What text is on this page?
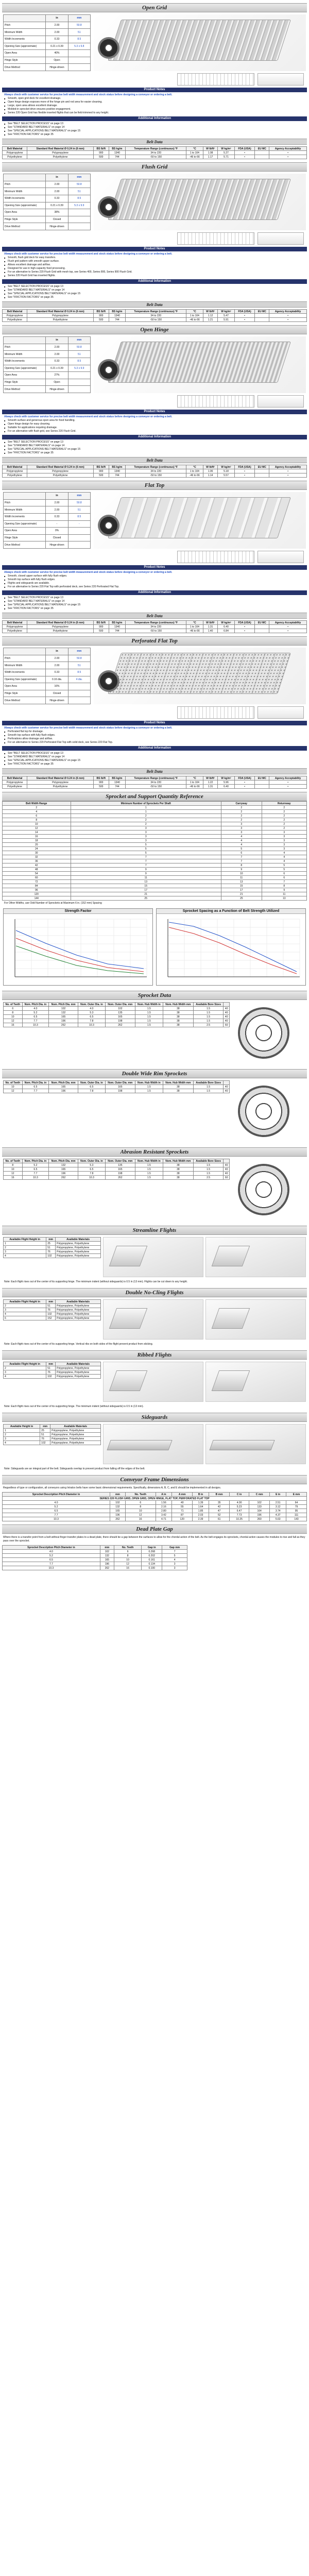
Open Grid
	in	mm
Pitch	2.00	50.8
Minimum Width	2.00	51
Width Increments	0.33	8.5
Opening Size (approximate)	0.21 x 0.39	5.3 x 9.8
Open Area	40%	
Hinge Style	Open	
Drive Method	Hinge-driven	
Product Notes

Always check with customer service for precise belt width measurement and stock status before designing a conveyor or ordering a belt.

■ Smooth, open grid deck for excellent drainage.
■ Open hinge design exposes more of the hinge pin and rod area for easier cleaning.
■ Large, open area allows excellent drainage.
■ Molded-in sprocket drive ensures positive engagement.
■ Series 220 Open Grid has flexible inserted flights that can be field-trimmed to any height.
Additional Information
■ See "BELT SELECTION PROCESS" on page 13
■ See "STANDARD BELT MATERIALS" on page 14
■ See "SPECIAL APPLICATIONS BELT MATERIALS" on page 15
■ See "FRICTION FACTORS" on page 35
Belt Data
Belt Material	Standard Rod Material Ø 0.24 in (6 mm)	BS lb/ft	BS kg/m	Temperature Range (continuous) °F	°C	W lb/ft²	W kg/m²	FDA (USA)	EU MC	Agency Acceptability
Polypropylene	Polypropylene	900	1340	34 to 220	1 to 104	1.08	5.27	•		•
Polyethylene	Polyethylene	500	744	-50 to 150	-46 to 66	1.17	5.71	•		•
Flush Grid
	in	mm
Pitch	2.00	50.8
Minimum Width	2.00	51
Width Increments	0.33	8.5
Opening Size (approximate)	0.21 x 0.39	5.3 x 9.9
Open Area	38%	
Hinge Style	Closed	
Drive Method	Hinge-driven	
Product Notes

Always check with customer service for precise belt width measurement and stock status before designing a conveyor or ordering a belt.

■ Smooth, flush grid deck for easy transfers.
■ Flush grid pattern with smooth upper surface.
■ Allows excellent drainage and airflow.
■ Designed for use in high-capacity food processing.
■ For an alternative to Series 220 Flush Grid with mesh top, see Series 400, Series 800, Series 900 Flush Grid.
■ Series 220 Flush Grid has inserted flights.
Additional Information
■ See "BELT SELECTION PROCESS" on page 13
■ See "STANDARD BELT MATERIALS" on page 14
■ See "SPECIAL APPLICATIONS BELT MATERIALS" on page 15
■ See "FRICTION FACTORS" on page 35
Belt Data
Belt Material	Standard Rod Material Ø 0.24 in (6 mm)	BS lb/ft	BS kg/m	Temperature Range (continuous) °F	°C	W lb/ft²	W kg/m²	FDA (USA)	EU MC	Agency Acceptability
Polypropylene	Polypropylene	900	1340	34 to 220	1 to 104	1.12	5.47	•		•
Polyethylene	Polyethylene	500	744	-50 to 150	-46 to 66	1.21	5.91	•		•
Open Hinge
	in	mm
Pitch	2.00	50.8
Minimum Width	2.00	51
Width Increments	0.33	8.5
Opening Size (approximate)	0.21 x 0.39	5.3 x 9.9
Open Area	27%	
Hinge Style	Open	
Drive Method	Hinge-driven	
Product Notes

Always check with customer service for precise belt width measurement and stock status before designing a conveyor or ordering a belt.

■ Smooth surface and generous open area for food handling.
■ Open hinge design for easy cleaning.
■ Suitable for applications requiring drainage.
■ For an alternative with flush grid, see Series 220 Flush Grid.
Additional Information
■ See "BELT SELECTION PROCESS" on page 13
■ See "STANDARD BELT MATERIALS" on page 14
■ See "SPECIAL APPLICATIONS BELT MATERIALS" on page 15
■ See "FRICTION FACTORS" on page 35
Belt Data
Belt Material	Standard Rod Material Ø 0.24 in (6 mm)	BS lb/ft	BS kg/m	Temperature Range (continuous) °F	°C	W lb/ft²	W kg/m²	FDA (USA)	EU MC	Agency Acceptability
Polypropylene	Polypropylene	900	1340	34 to 220	1 to 104	1.06	5.18	•		•
Polyethylene	Polyethylene	500	744	-50 to 150	-46 to 66	1.14	5.57	•		•
Flat Top
	in	mm
Pitch	2.00	50.8
Minimum Width	2.00	51
Width Increments	0.33	8.5
Opening Size (approximate)	-	-
Open Area	0%	
Hinge Style	Closed	
Drive Method	Hinge-driven	
Product Notes

Always check with customer service for precise belt width measurement and stock status before designing a conveyor or ordering a belt.

■ Smooth, closed upper surface with fully flush edges.
■ Smooth top surface with fully flush edges.
■ Flights and sideguards are available.
■ For an alternative to Series 220 Flat Top with perforated deck, see Series 220 Perforated Flat Top.
Additional Information
■ See "BELT SELECTION PROCESS" on page 13
■ See "STANDARD BELT MATERIALS" on page 14
■ See "SPECIAL APPLICATIONS BELT MATERIALS" on page 15
■ See "FRICTION FACTORS" on page 35
Belt Data
Belt Material	Standard Rod Material Ø 0.24 in (6 mm)	BS lb/ft	BS kg/m	Temperature Range (continuous) °F	°C	W lb/ft²	W kg/m²	FDA (USA)	EU MC	Agency Acceptability
Polypropylene	Polypropylene	900	1340	34 to 220	1 to 104	1.31	6.40	•		•
Polyethylene	Polyethylene	500	744	-50 to 150	-46 to 66	1.40	6.84	•		•
Perforated Flat Top
	in	mm
Pitch	2.00	50.8
Minimum Width	2.00	51
Width Increments	0.33	8.5
Opening Size (approximate)	0.16 dia.	4 dia.
Open Area	16%	
Hinge Style	Closed	
Drive Method	Hinge-driven	
Product Notes

Always check with customer service for precise belt width measurement and stock status before designing a conveyor or ordering a belt.

■ Perforated flat top for drainage.
■ Smooth top surface with fully flush edges.
■ Perforations allow drainage and airflow.
■ For an alternative to Series 220 Perforated Flat Top with solid deck, see Series 220 Flat Top.
Additional Information
■ See "BELT SELECTION PROCESS" on page 13
■ See "STANDARD BELT MATERIALS" on page 14
■ See "SPECIAL APPLICATIONS BELT MATERIALS" on page 15
■ See "FRICTION FACTORS" on page 35
Belt Data
Belt Material	Standard Rod Material Ø 0.24 in (6 mm)	BS lb/ft	BS kg/m	Temperature Range (continuous) °F	°C	W lb/ft²	W kg/m²	FDA (USA)	EU MC	Agency Acceptability
Polypropylene	Polypropylene	900	1340	34 to 220	1 to 104	1.22	5.96	•		•
Polyethylene	Polyethylene	500	744	-50 to 150	-46 to 66	1.31	6.40	•		•
Sprocket and Support Quantity Reference
Belt Width Range	Minimum Number of Sprockets Per Shaft	Carryway	Returnway
2	1	2	2
4	1	2	2
6	2	2	2
8	2	2	2
10	2	3	2
12	3	3	2
14	3	3	3
16	3	4	3
18	3	4	3
20	5	4	3
24	5	5	3
30	5	6	4
32	7	7	4
36	7	7	4
42	7	8	5
48	9	9	5
54	9	10	6
60	11	11	6
72	13	13	7
84	15	15	8
96	17	17	9
120	21	21	11
144	25	25	13
For Other Widths, use Odd Number of Sprockets at Maximum 6 in. (152 mm) Spacing
Strength Factor	Sprocket Spacing as a Function of Belt Strength Utilized
Sprocket Data
No. of Teeth	Nom. Pitch Dia. in	Nom. Pitch Dia. mm	Nom. Outer Dia. in	Nom. Outer Dia. mm	Nom. Hub Width in	Nom. Hub Width mm	Available Bore Sizes	
6	4.0	102	4.0	102	1.5	38	1.5	40
8	5.2	132	5.3	135	1.5	38	1.5	40
10	6.5	165	6.5	165	1.5	38	1.5	40
12	7.7	196	7.8	198	1.5	38	1.5	40
16	10.3	262	10.3	262	1.5	38	2.5	60
Double Wide Rim Sprockets
No. of Teeth	Nom. Pitch Dia. in	Nom. Pitch Dia. mm	Nom. Outer Dia. in	Nom. Outer Dia. mm	Nom. Hub Width in	Nom. Hub Width mm	Available Bore Sizes	
10	6.5	165	6.5	165	1.5	38	1.5	40
12	7.7	196	7.8	198	1.5	38	1.5	40
Abrasion Resistant Sprockets
No. of Teeth	Nom. Pitch Dia. in	Nom. Pitch Dia. mm	Nom. Outer Dia. in	Nom. Outer Dia. mm	Nom. Hub Width in	Nom. Hub Width mm	Available Bore Sizes	
8	5.2	132	5.3	135	1.5	38	1.5	40
10	6.5	165	6.5	165	1.5	38	1.5	40
12	7.7	196	7.8	198	1.5	38	1.5	40
16	10.3	262	10.3	262	1.5	38	2.5	60
Streamline Flights
Available Flight Height in	mm	Available Materials
1	25	Polypropylene, Polyethylene
2	51	Polypropylene, Polyethylene
3	76	Polypropylene, Polyethylene
4	102	Polypropylene, Polyethylene
Note: Each flight rises out of the center of its supporting hinge. The minimum indent (without sideguards) is 0.5 in (13 mm). Flights can be cut down to any height.
Double No-Cling Flights
Available Flight Height in	mm	Available Materials
2	51	Polypropylene, Polyethylene
3	76	Polypropylene, Polyethylene
4	102	Polypropylene, Polyethylene
6	152	Polypropylene, Polyethylene
Note: Each flight rises out of the center of its supporting hinge. Vertical ribs on both sides of the flight prevent product from sticking.
Ribbed Flights
Available Flight Height in	mm	Available Materials
2	51	Polypropylene, Polyethylene
3	76	Polypropylene, Polyethylene
4	102	Polypropylene, Polyethylene
Note: Each flight rises out of the center of its supporting hinge. The minimum indent (without sideguards) is 0.5 in (13 mm).
Sideguards
Available Height in	mm	Available Materials
1	25	Polypropylene, Polyethylene
2	51	Polypropylene, Polyethylene
3	76	Polypropylene, Polyethylene
4	102	Polypropylene, Polyethylene
Note: Sideguards are an integral part of the belt. Sideguards overlap to prevent product from falling off the edges of the belt.
Conveyor Frame Dimensions
Regardless of type or configuration, all conveyors using Intralox belts have some basic dimensional requirements. Specifically, dimensions A, B, C, and E should be implemented in all designs.
Sprocket Description Pitch Diameter in	mm	No. Teeth	A in	A mm	B in	B mm	C in	C mm	E in	E mm
SERIES 220 FLUSH GRID, OPEN GRID, OPEN HINGE, FLAT TOP, PERFORATED FLAT TOP										
4.0	102	6	1.56	40	1.39	35	4.00	102	2.51	64
5.2	132	8	2.16	55	1.64	42	5.23	133	3.12	79
6.5	165	10	2.80	71	1.85	47	6.47	164	3.74	95
7.7	196	12	3.42	87	2.03	52	7.73	196	4.37	111
10.3	262	16	4.71	120	2.39	61	10.25	260	5.63	143
Dead Plate Gap
Where there is a transfer point from a belt without finger transfer plates to a dead plate, there should be a gap between the surfaces to allow for the chordal action of the belt. As the belt engages its sprockets, chordal action causes the modules to rise and fall as they pass over the sprocket.
Sprocket Description Pitch Diameter in	mm	No. Teeth	Gap in	Gap mm
4.0	102	6	0.268	7
5.2	132	8	0.202	5
6.5	165	10	0.161	4
7.7	196	12	0.134	3
10.3	262	16	0.100	3
